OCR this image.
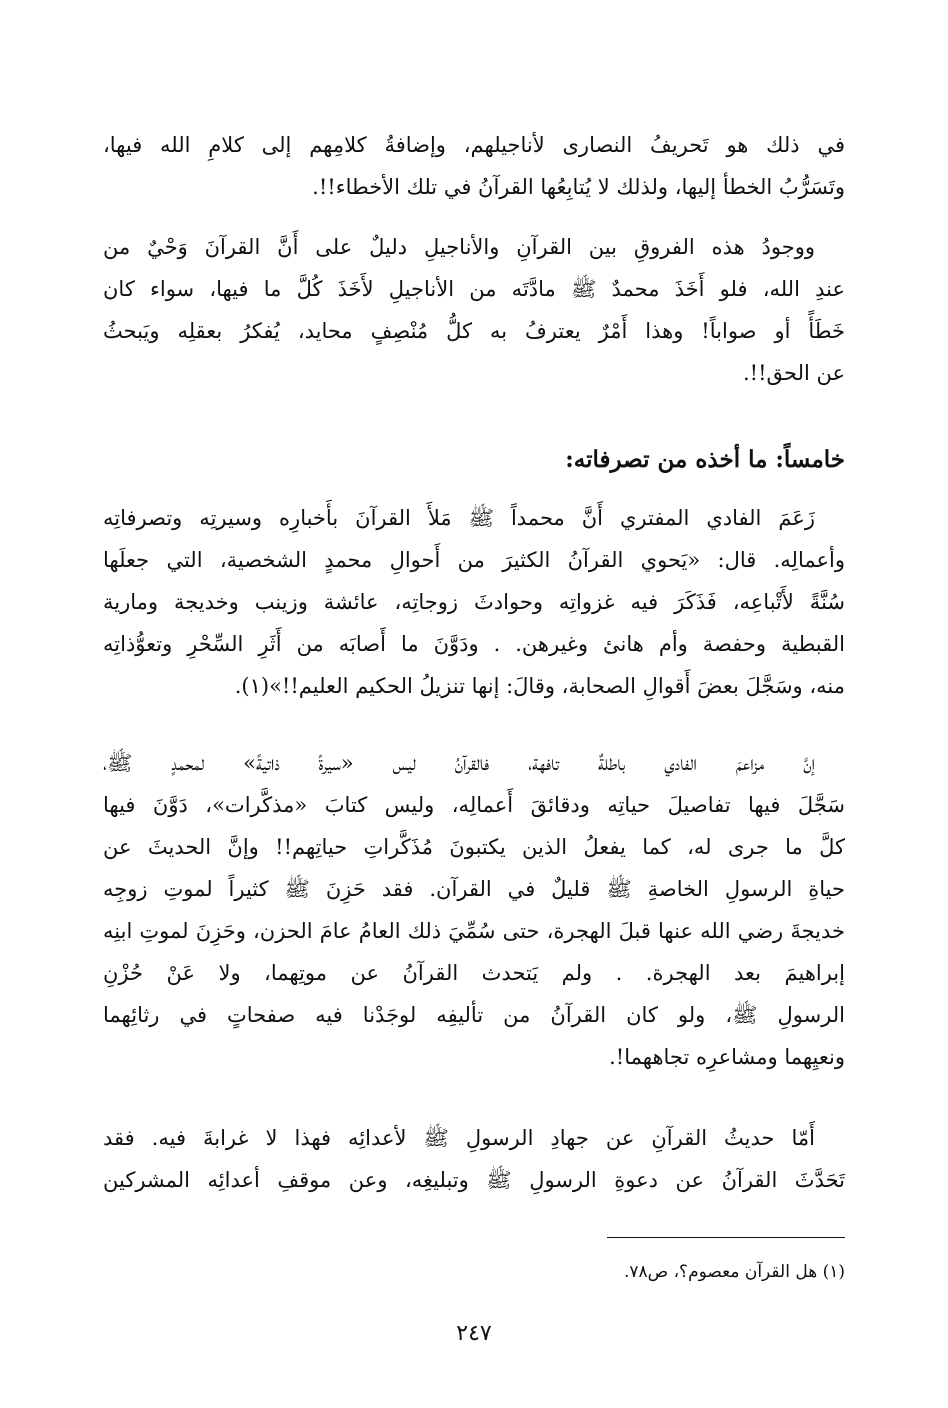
في ذلك هو تَحريفُ النصارى لأناجيلهم، وإضافةُ كلامِهم إلى كلامِ الله فيها،
وتَسَرُّبُ الخطأ إليها، ولذلك لا يُتابِعُها القرآنُ في تلك الأخطاء!!.
ووجودُ هذه الفروقِ بين القرآنِ والأناجيلِ دليلٌ على أَنَّ القرآنَ وَحْيٌ من
عندِ الله، فلو أَخَذَ محمدٌ ﷺ مادَّتَه من الأناجيلِ لأَخَذَ كُلَّ ما فيها، سواء كان
خَطَأً أو صواباً! وهذا أَمْرٌ يعترفُ به كلُّ مُنْصِفٍ محايد، يُفكرُ بعقلِه ويَبحثُ
عن الحق!!.
خامساً: ما أخذه من تصرفاته:
زَعَمَ الفادي المفتري أَنَّ محمداً ﷺ مَلأَ القرآنَ بأَخبارِه وسيرتِه وتصرفاتِه
وأعمالِه. قال: «يَحوي القرآنُ الكثيرَ من أَحوالِ محمدٍ الشخصية، التي جعلَها
سُنَّةً لأَتْباعِه، فَذَكَرَ فيه غزواتِه وحوادثَ زوجاتِه، عائشة وزينب وخديجة ومارية
القبطية وحفصة وأم هانئ وغيرهن. . ودَوَّنَ ما أَصابَه من أَثَرِ السِّحْرِ وتعوُّذاتِه
منه، وسَجَّلَ بعضَ أَقوالِ الصحابة، وقالَ: إنها تنزيلُ الحكيم العليم!!»(١).
إنَّ مزاعمَ الفادي باطلةٌ تافهة، فالقرآنُ ليس «سيرةً ذاتيةً» لمحمدٍ ﷺ،
سَجَّلَ فيها تفاصيلَ حياتِه ودقائقَ أَعمالِه، وليس كتابَ «مذكَّرات»، دَوَّنَ فيها
كلَّ ما جرى له، كما يفعلُ الذين يكتبونَ مُذَكَّراتِ حياتِهم!! وإنَّ الحديثَ عن
حياةِ الرسولِ الخاصةِ ﷺ قليلٌ في القرآن. فقد حَزِنَ ﷺ كثيراً لموتِ زوجِه
خديجةَ رضي الله عنها قبلَ الهجرة، حتى سُمِّيَ ذلك العامُ عامَ الحزن، وحَزِنَ لموتِ ابنِه
إبراهيمَ بعد الهجرة. . ولم يَتحدث القرآنُ عن موتِهما، ولا عَنْ حُزْنِ
الرسولِ ﷺ، ولو كان القرآنُ من تأليفِه لوجَدْنا فيه صفحاتٍ في رثائِهما
ونعيِهما ومشاعرِه تجاههما!.
أَمّا حديثُ القرآنِ عن جهادِ الرسولِ ﷺ لأعدائِه فهذا لا غرابةَ فيه. فقد
تَحَدَّثَ القرآنُ عن دعوةِ الرسولِ ﷺ وتبليغِه، وعن موقفِ أعدائِه المشركين
(١) هل القرآن معصوم؟، ص٧٨.
٢٤٧
